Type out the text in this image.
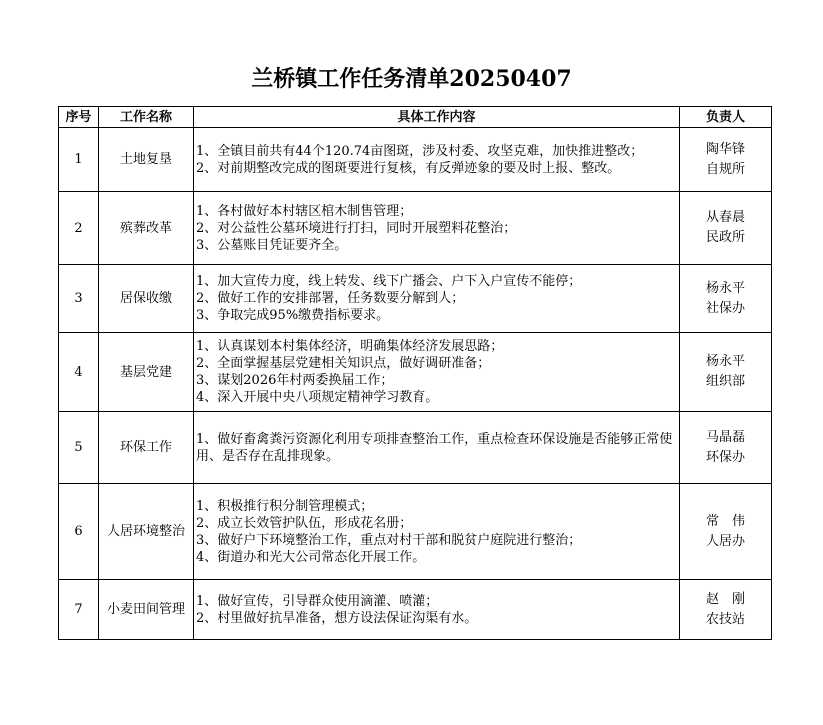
兰桥镇工作任务清单20250407
序号	工作名称	具体工作内容	负责人
1	土地复垦	1、全镇目前共有44个120.74亩图斑，涉及村委、攻坚克难，加快推进整改；
2、对前期整改完成的图斑要进行复核，有反弹迹象的要及时上报、整改。	陶华锋
自规所

2	殡葬改革	1、各村做好本村辖区棺木制售管理；
2、对公益性公墓环境进行打扫，同时开展塑料花整治；
3、公墓账目凭证要齐全。	从春晨
民政所

3	居保收缴	1、加大宣传力度，线上转发、线下广播会、户下入户宣传不能停；
2、做好工作的安排部署，任务数要分解到人；
3、争取完成95%缴费指标要求。	杨永平
社保办

4	基层党建	1、认真谋划本村集体经济，明确集体经济发展思路；
2、全面掌握基层党建相关知识点，做好调研准备；
3、谋划2026年村两委换届工作；
4、深入开展中央八项规定精神学习教育。	杨永平
组织部

5	环保工作	1、做好畜禽粪污资源化利用专项排查整治工作，重点检查环保设施是否能够正常使用、是否存在乱排现象。	马晶磊
环保办

6	人居环境整治	1、积极推行积分制管理模式；
2、成立长效管护队伍，形成花名册；
3、做好户下环境整治工作，重点对村干部和脱贫户庭院进行整治；
4、街道办和光大公司常态化开展工作。	常　伟
人居办

7	小麦田间管理	1、做好宣传，引导群众使用滴灌、喷灌；
2、村里做好抗旱准备，想方设法保证沟渠有水。	赵　刚
农技站
